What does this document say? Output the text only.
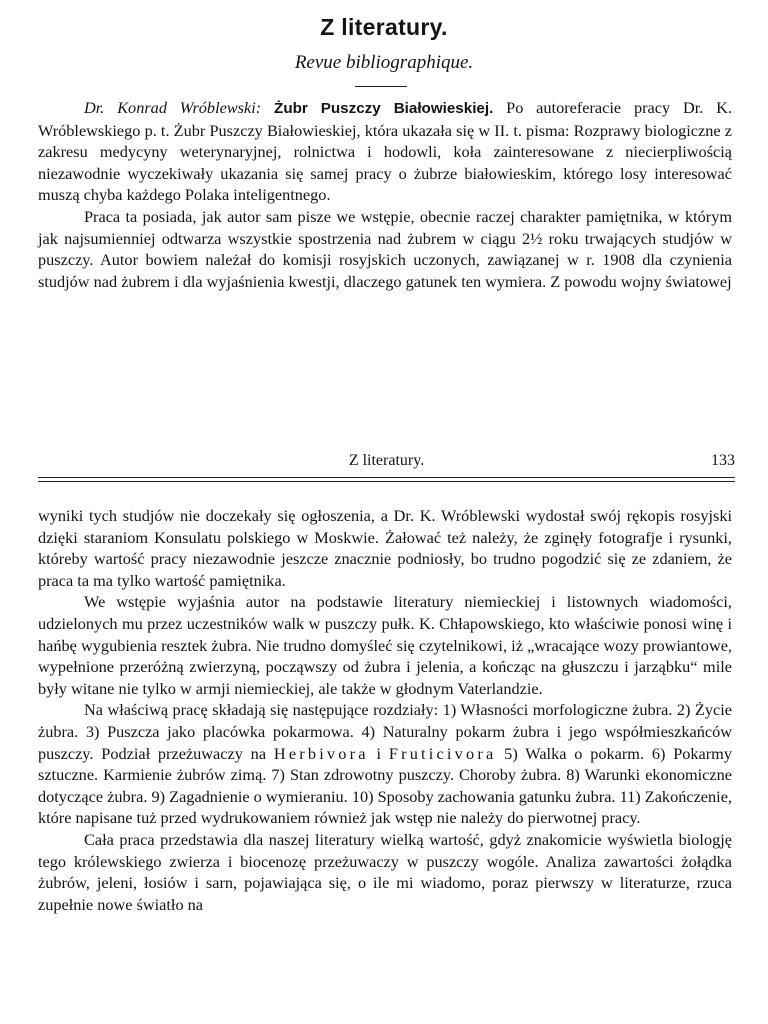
Z literatury.
Revue bibliographique.

Dr. Konrad Wróblewski: Żubr Puszczy Białowieskiej. Po autoreferacie pracy Dr. K. Wróblewskiego p. t. Żubr Puszczy Białowieskiej, która ukazała się w II. t. pisma: Rozprawy biologiczne z zakresu medycyny weterynaryjnej, rolnictwa i hodowli, koła zainteresowane z niecierpliwością niezawodnie wyczekiwały ukazania się samej pracy o żubrze białowieskim, którego losy interesować muszą chyba każdego Polaka inteligentnego.

Praca ta posiada, jak autor sam pisze we wstępie, obecnie raczej charakter pamiętnika, w którym jak najsumienniej odtwarza wszystkie spostrzenia nad żubrem w ciągu 2½ roku trwających studjów w puszczy. Autor bowiem należał do komisji rosyjskich uczonych, zawiązanej w r. 1908 dla czynienia studjów nad żubrem i dla wyjaśnienia kwestji, dlaczego gatunek ten wymiera. Z powodu wojny światowej

Z literatury.	133

wyniki tych studjów nie doczekały się ogłoszenia, a Dr. K. Wróblewski wydostał swój rękopis rosyjski dzięki staraniom Konsulatu polskiego w Moskwie. Żałować też należy, że zginęły fotografje i rysunki, któreby wartość pracy niezawodnie jeszcze znacznie podniosły, bo trudno pogodzić się ze zdaniem, że praca ta ma tylko wartość pamiętnika.

We wstępie wyjaśnia autor na podstawie literatury niemieckiej i listownych wiadomości, udzielonych mu przez uczestników walk w puszczy pułk. K. Chłapowskiego, kto właściwie ponosi winę i hańbę wygubienia resztek żubra. Nie trudno domyśleć się czytelnikowi, iż „wracające wozy prowiantowe, wypełnione przeróżną zwierzyną, począwszy od żubra i jelenia, a kończąc na głuszczu i jarząbku“ mile były witane nie tylko w armji niemieckiej, ale także w głodnym Vaterlandzie.

Na właściwą pracę składają się następujące rozdziały: 1) Własności morfologiczne żubra. 2) Życie żubra. 3) Puszcza jako placówka pokarmowa. 4) Naturalny pokarm żubra i jego współmieszkańców puszczy. Podział przeżuwaczy na Herbivora i Fruticivora 5) Walka o pokarm. 6) Pokarmy sztuczne. Karmienie żubrów zimą. 7) Stan zdrowotny puszczy. Choroby żubra. 8) Warunki ekonomiczne dotyczące żubra. 9) Zagadnienie o wymieraniu. 10) Sposoby zachowania gatunku żubra. 11) Zakończenie, które napisane tuż przed wydrukowaniem również jak wstęp nie należy do pierwotnej pracy.

Cała praca przedstawia dla naszej literatury wielką wartość, gdyż znakomicie wyświetla biologję tego królewskiego zwierza i biocenozę przeżuwaczy w puszczy wogóle. Analiza zawartości żołądka żubrów, jeleni, łosiów i sarn, pojawiająca się, o ile mi wiadomo, poraz pierwszy w literaturze, rzuca zupełnie nowe światło na
